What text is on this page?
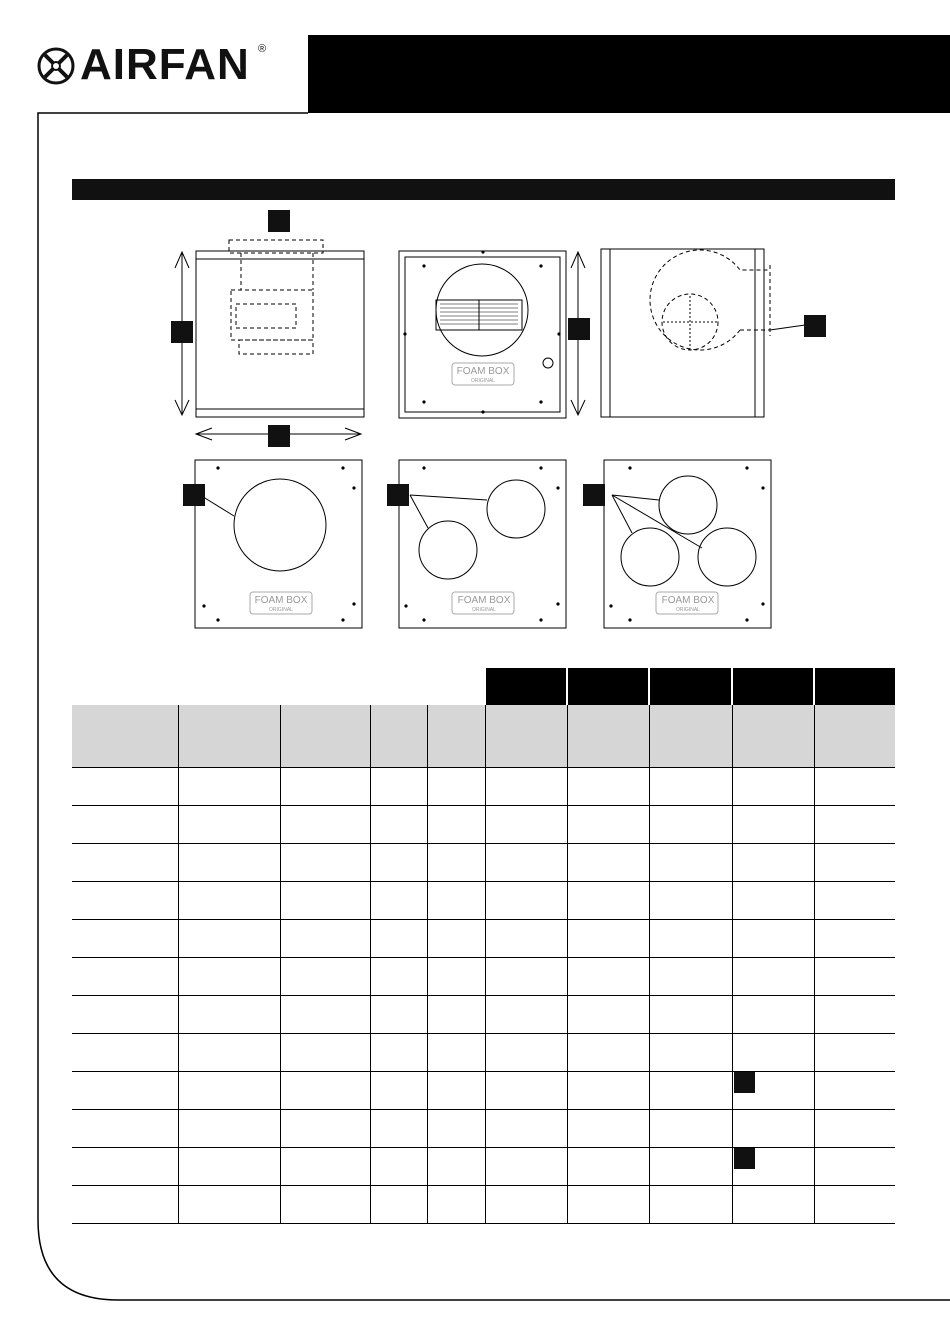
AIRFAN ®
FOAM BOX
ORIGINAL
FOAM BOX
ORIGINAL
FOAM BOX
ORIGINAL
FOAM BOX
ORIGINAL
